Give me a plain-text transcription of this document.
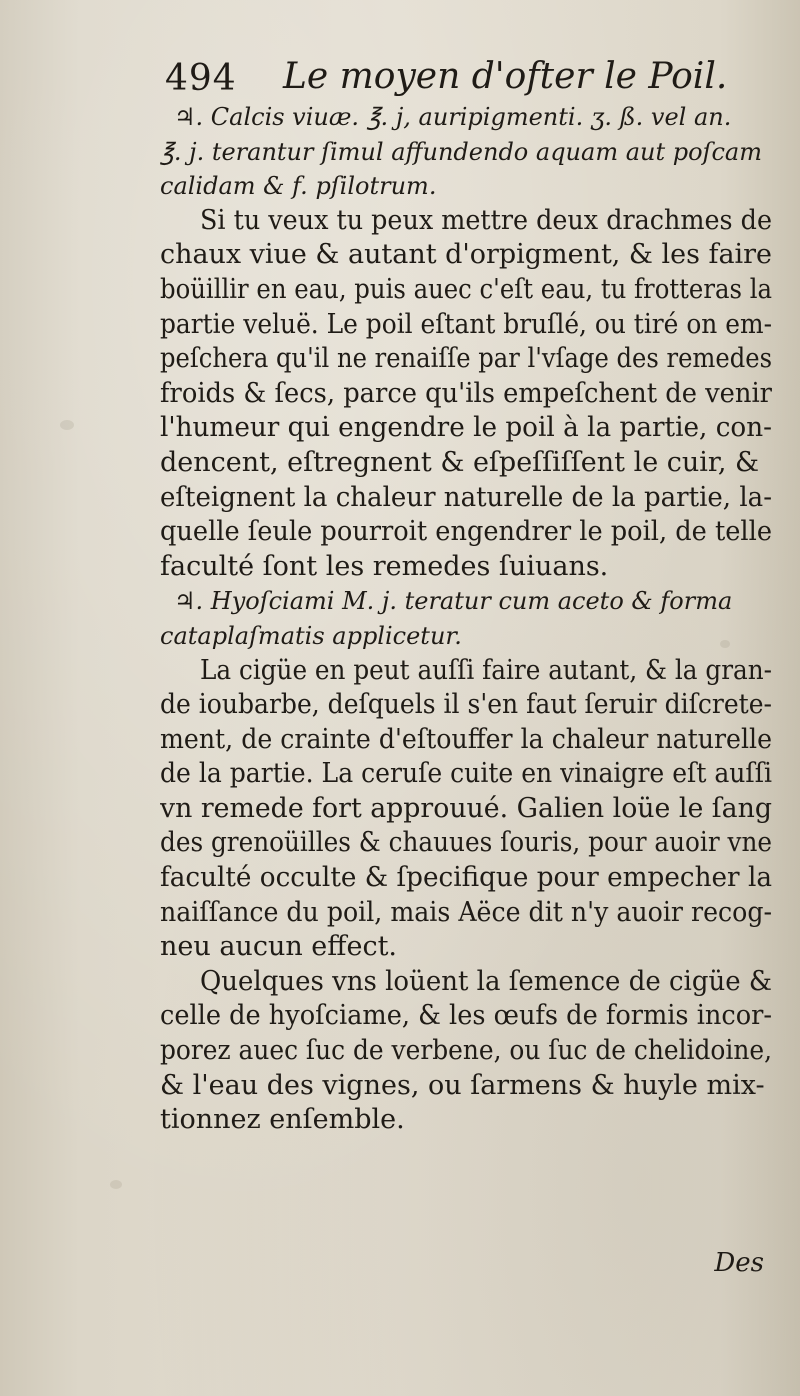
494 Le moyen d'ofter le Poil.
♃. Calcis viuæ. ℥. j, auripigmenti. ʒ. ß. vel an.
℥. j. terantur ſimul affundendo aquam aut poſcam
calidam & f. pſilotrum.
Si tu veux tu peux mettre deux drachmes de
chaux viue & autant d'orpigment, & les faire
boüillir en eau, puis auec c'eſt eau, tu frotteras la
partie veluë. Le poil eſtant bruſlé, ou tiré on em-
peſchera qu'il ne renaiſſe par l'vſage des remedes
froids & ſecs, parce qu'ils empeſchent de venir
l'humeur qui engendre le poil à la partie, con-
dencent, eſtregnent & eſpeſſiſſent le cuir, &
eſteignent la chaleur naturelle de la partie, la-
quelle ſeule pourroit engendrer le poil, de telle
faculté ſont les remedes ſuiuans.
♃. Hyoſciami M. j. teratur cum aceto & forma
cataplaſmatis applicetur.
La cigüe en peut auſſi faire autant, & la gran-
de ioubarbe, deſquels il s'en faut ſeruir diſcrete-
ment, de crainte d'eſtouffer la chaleur naturelle
de la partie. La ceruſe cuite en vinaigre eſt auſſi
vn remede fort approuué. Galien loüe le ſang
des grenoüilles & chauues ſouris, pour auoir vne
faculté occulte & ſpecifique pour empecher la
naiſſance du poil, mais Aëce dit n'y auoir recog-
neu aucun effect.
Quelques vns loüent la ſemence de cigüe &
celle de hyoſciame, & les œufs de formis incor-
porez auec ſuc de verbene, ou ſuc de chelidoine,
& l'eau des vignes, ou ſarmens & huyle mix-
tionnez enſemble.
Des
